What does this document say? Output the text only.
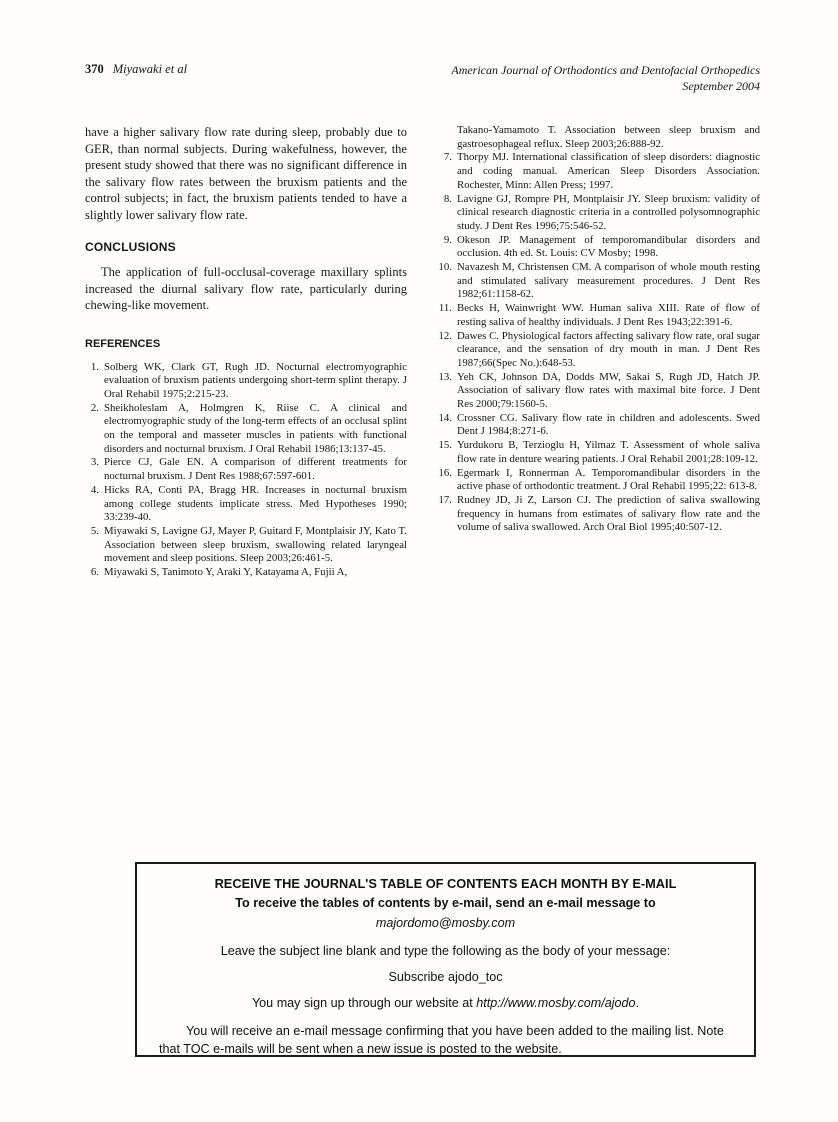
370 Miyawaki et al	American Journal of Orthodontics and Dentofacial Orthopedics
September 2004

have a higher salivary flow rate during sleep, probably due to GER, than normal subjects. During wakefulness, however, the present study showed that there was no significant difference in the salivary flow rates between the bruxism patients and the control subjects; in fact, the bruxism patients tended to have a slightly lower salivary flow rate.

CONCLUSIONS

The application of full-occlusal-coverage maxillary splints increased the diurnal salivary flow rate, particularly during chewing-like movement.

REFERENCES
1. Solberg WK, Clark GT, Rugh JD. Nocturnal electromyographic evaluation of bruxism patients undergoing short-term splint therapy. J Oral Rehabil 1975;2:215-23.
2. Sheikholeslam A, Holmgren K, Riise C. A clinical and electromyographic study of the long-term effects of an occlusal splint on the temporal and masseter muscles in patients with functional disorders and nocturnal bruxism. J Oral Rehabil 1986;13:137-45.
3. Pierce CJ, Gale EN. A comparison of different treatments for nocturnal bruxism. J Dent Res 1988;67:597-601.
4. Hicks RA, Conti PA, Bragg HR. Increases in nocturnal bruxism among college students implicate stress. Med Hypotheses 1990; 33:239-40.
5. Miyawaki S, Lavigne GJ, Mayer P, Guitard F, Montplaisir JY, Kato T. Association between sleep bruxism, swallowing related laryngeal movement and sleep positions. Sleep 2003;26:461-5.
6. Miyawaki S, Tanimoto Y, Araki Y, Katayama A, Fujii A,
Takano-Yamamoto T. Association between sleep bruxism and gastroesophageal reflux. Sleep 2003;26:888-92.
7. Thorpy MJ. International classification of sleep disorders: diagnostic and coding manual. American Sleep Disorders Association. Rochester, Minn: Allen Press; 1997.
8. Lavigne GJ, Rompre PH, Montplaisir JY. Sleep bruxism: validity of clinical research diagnostic criteria in a controlled polysomnographic study. J Dent Res 1996;75:546-52.
9. Okeson JP. Management of temporomandibular disorders and occlusion. 4th ed. St. Louis: CV Mosby; 1998.
10. Navazesh M, Christensen CM. A comparison of whole mouth resting and stimulated salivary measurement procedures. J Dent Res 1982;61:1158-62.
11. Becks H, Wainwright WW. Human saliva XIII. Rate of flow of resting saliva of healthy individuals. J Dent Res 1943;22:391-6.
12. Dawes C. Physiological factors affecting salivary flow rate, oral sugar clearance, and the sensation of dry mouth in man. J Dent Res 1987;66(Spec No.):648-53.
13. Yeh CK, Johnson DA, Dodds MW, Sakai S, Rugh JD, Hatch JP. Association of salivary flow rates with maximal bite force. J Dent Res 2000;79:1560-5.
14. Crossner CG. Salivary flow rate in children and adolescents. Swed Dent J 1984;8:271-6.
15. Yurdukoru B, Terzioglu H, Yilmaz T. Assessment of whole saliva flow rate in denture wearing patients. J Oral Rehabil 2001;28:109-12.
16. Egermark I, Ronnerman A. Temporomandibular disorders in the active phase of orthodontic treatment. J Oral Rehabil 1995;22: 613-8.
17. Rudney JD, Ji Z, Larson CJ. The prediction of saliva swallowing frequency in humans from estimates of salivary flow rate and the volume of saliva swallowed. Arch Oral Biol 1995;40:507-12.

RECEIVE THE JOURNAL'S TABLE OF CONTENTS EACH MONTH BY E-MAIL

To receive the tables of contents by e-mail, send an e-mail message to

majordomo@mosby.com

Leave the subject line blank and type the following as the body of your message:

Subscribe ajodo_toc

You may sign up through our website at http://www.mosby.com/ajodo.

You will receive an e-mail message confirming that you have been added to the mailing list. Note that TOC e-mails will be sent when a new issue is posted to the website.
